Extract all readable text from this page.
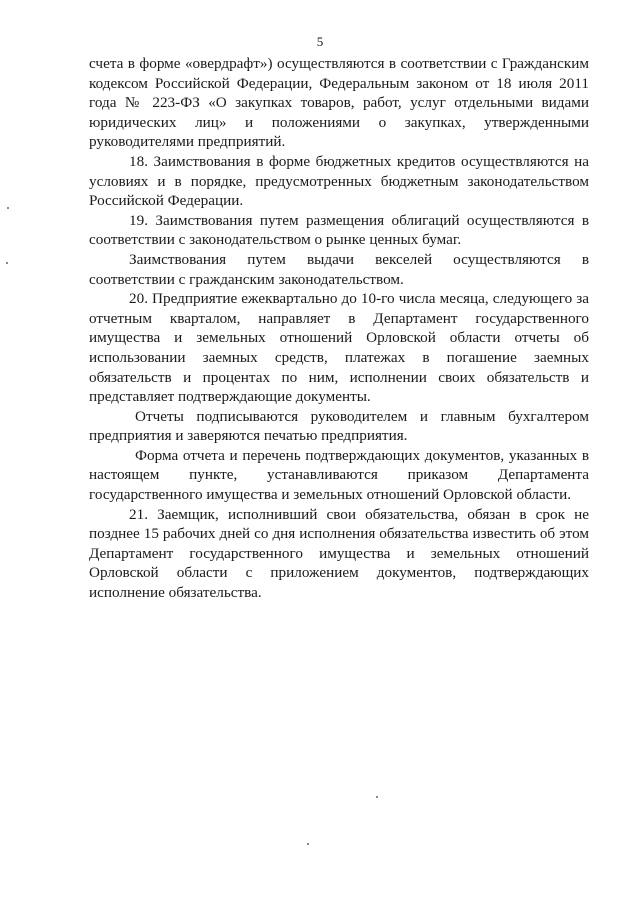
5

счета в форме «овердрафт») осуществляются в соответствии с Гражданским кодексом Российской Федерации, Федеральным законом от 18 июля 2011 года № 223-ФЗ «О закупках товаров, работ, услуг отдельными видами юридических лиц» и положениями о закупках, утвержденными руководителями предприятий.

18. Заимствования в форме бюджетных кредитов осуществляются на условиях и в порядке, предусмотренных бюджетным законодательством Российской Федерации.

19. Заимствования путем размещения облигаций осуществляются в соответствии с законодательством о рынке ценных бумаг.

Заимствования путем выдачи векселей осуществляются в соответствии с гражданским законодательством.

20. Предприятие ежеквартально до 10-го числа месяца, следующего за отчетным кварталом, направляет в Департамент государственного имущества и земельных отношений Орловской области отчеты об использовании заемных средств, платежах в погашение заемных обязательств и процентах по ним, исполнении своих обязательств и представляет подтверждающие документы.

Отчеты подписываются руководителем и главным бухгалтером предприятия и заверяются печатью предприятия.

Форма отчета и перечень подтверждающих документов, указанных в настоящем пункте, устанавливаются приказом Департамента государственного имущества и земельных отношений Орловской области.

21. Заемщик, исполнивший свои обязательства, обязан в срок не позднее 15 рабочих дней со дня исполнения обязательства известить об этом Департамент государственного имущества и земельных отношений Орловской области с приложением документов, подтверждающих исполнение обязательства.
